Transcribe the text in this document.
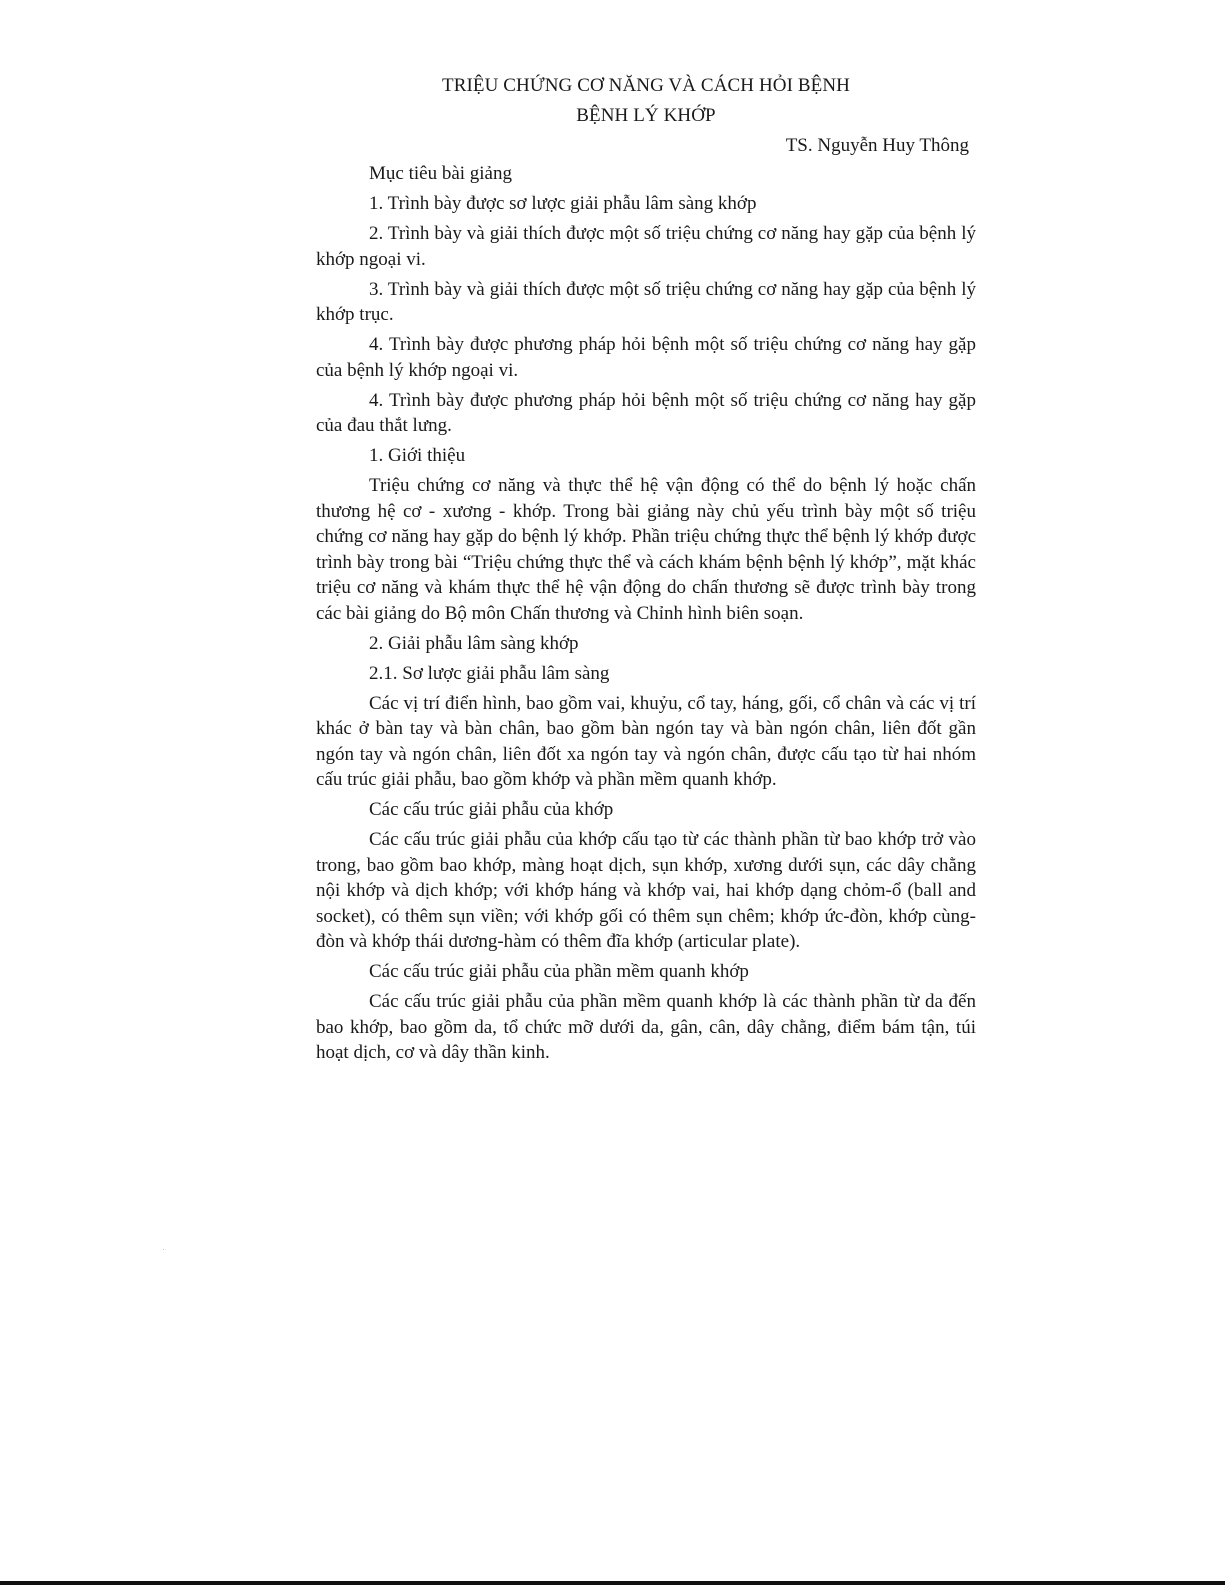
TRIỆU CHỨNG CƠ NĂNG VÀ CÁCH HỎI BỆNH
BỆNH LÝ KHỚP

TS. Nguyễn Huy Thông

Mục tiêu bài giảng

1. Trình bày được sơ lược giải phẫu lâm sàng khớp

2. Trình bày và giải thích được một số triệu chứng cơ năng hay gặp của bệnh lý khớp ngoại vi.

3. Trình bày và giải thích được một số triệu chứng cơ năng hay gặp của bệnh lý khớp trục.

4. Trình bày được phương pháp hỏi bệnh một số triệu chứng cơ năng hay gặp của bệnh lý khớp ngoại vi.

4. Trình bày được phương pháp hỏi bệnh một số triệu chứng cơ năng hay gặp của đau thắt lưng.

1. Giới thiệu

Triệu chứng cơ năng và thực thể hệ vận động có thể do bệnh lý hoặc chấn thương hệ cơ - xương - khớp. Trong bài giảng này chủ yếu trình bày một số triệu chứng cơ năng hay gặp do bệnh lý khớp. Phần triệu chứng thực thể bệnh lý khớp được trình bày trong bài “Triệu chứng thực thể và cách khám bệnh bệnh lý khớp”, mặt khác triệu cơ năng và khám thực thể hệ vận động do chấn thương sẽ được trình bày trong các bài giảng do Bộ môn Chấn thương và Chỉnh hình biên soạn.

2. Giải phẫu lâm sàng khớp

2.1. Sơ lược giải phẫu lâm sàng

Các vị trí điển hình, bao gồm vai, khuỷu, cổ tay, háng, gối, cổ chân và các vị trí khác ở bàn tay và bàn chân, bao gồm bàn ngón tay và bàn ngón chân, liên đốt gần ngón tay và ngón chân, liên đốt xa ngón tay và ngón chân, được cấu tạo từ hai nhóm cấu trúc giải phẫu, bao gồm khớp và phần mềm quanh khớp.

Các cấu trúc giải phẫu của khớp

Các cấu trúc giải phẫu của khớp cấu tạo từ các thành phần từ bao khớp trở vào trong, bao gồm bao khớp, màng hoạt dịch, sụn khớp, xương dưới sụn, các dây chằng nội khớp và dịch khớp; với khớp háng và khớp vai, hai khớp dạng chỏm-ổ (ball and socket), có thêm sụn viền; với khớp gối có thêm sụn chêm; khớp ức-đòn, khớp cùng-đòn và khớp thái dương-hàm có thêm đĩa khớp (articular plate).

Các cấu trúc giải phẫu của phần mềm quanh khớp

Các cấu trúc giải phẫu của phần mềm quanh khớp là các thành phần từ da đến bao khớp, bao gồm da, tổ chức mỡ dưới da, gân, cân, dây chằng, điểm bám tận, túi hoạt dịch, cơ và dây thần kinh.
